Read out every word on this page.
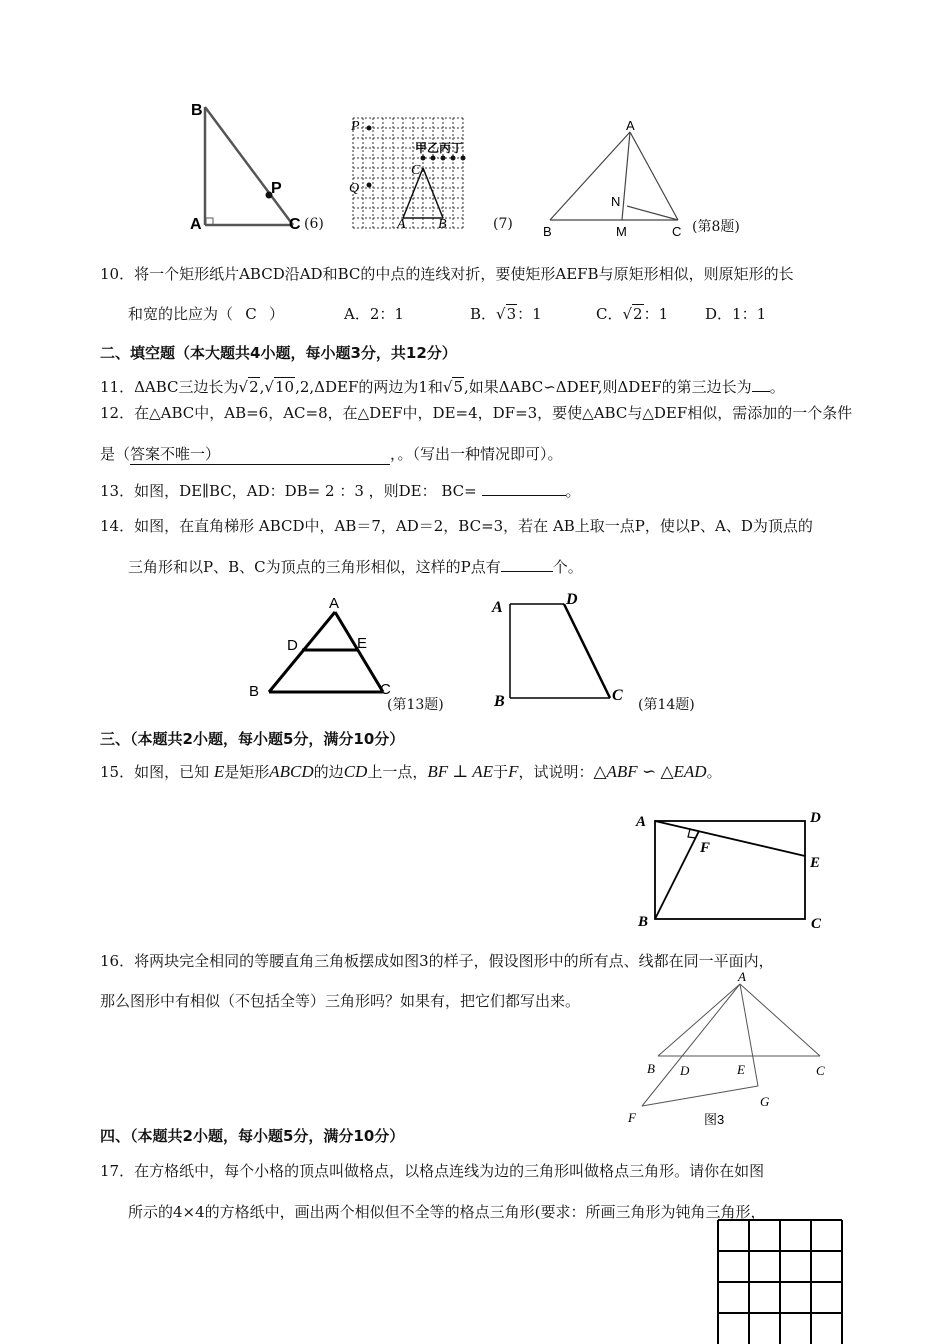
B
A	C
P
(6)
P
Q
C
A B
甲乙丙丁
(7)
A
N
B	M	C (第8题)
10．将一个矩形纸片ABCD沿AD和BC的中点的连线对折，要使矩形AEFB与原矩形相似，则原矩形的长
和宽的比应为（ C ）	A．2：1	B．√3：1	C．√2：1 D．1：1
二、填空题（本大题共4小题，每小题3分，共12分）
11．ΔABC三边长为√2,√10,2,ΔDEF的两边为1和√5,如果ΔABC∽ΔDEF,则ΔDEF的第三边长为 。
12．在△ABC中，AB=6，AC=8，在△DEF中，DE=4，DF=3，要使△ABC与△DEF相似，需添加的一个条件
是（答案不唯一）	，。（写出一种情况即可）。
13．如图，DE∥BC，AD：DB= 2 ：3 ，则DE： BC=	。
14．如图，在直角梯形 ABCD中，AB＝7，AD＝2，BC=3，若在 AB上取一点P，使以P、A、D为顶点的
三角形和以P、B、C为顶点的三角形相似，这样的P点有	个。
A
D	E
B	C
(第13题)
A	D
B	C
(第14题)
三、（本题共2小题，每小题5分，满分10分）
15．如图，已知 E是矩形ABCD的边CD上一点，BF ⊥ AE于F，试说明：△ABF ∽ △EAD。
A	D
F
E
B	C
16．将两块完全相同的等腰直角三角板摆成如图3的样子，假设图形中的所有点、线都在同一平面内，
那么图形中有相似（不包括全等）三角形吗？如果有，把它们都写出来。
A
B D	E	C
F
G
图3
四、（本题共2小题，每小题5分，满分10分）
17．在方格纸中，每个小格的顶点叫做格点，以格点连线为边的三角形叫做格点三角形。请你在如图
所示的4×4的方格纸中，画出两个相似但不全等的格点三角形(要求：所画三角形为钝角三角形，
